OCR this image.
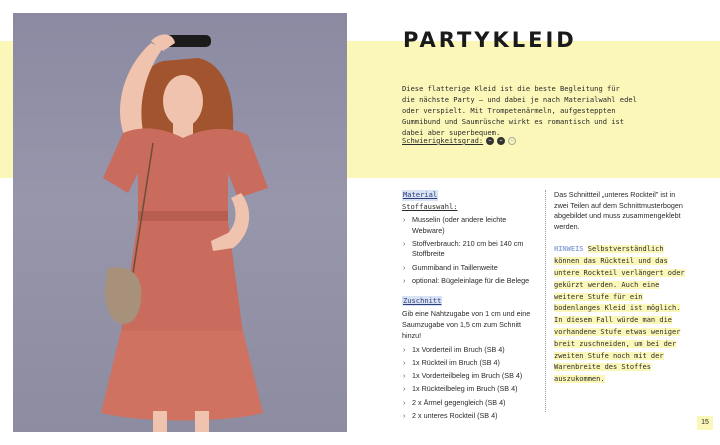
PARTYKLEID

Diese flatterige Kleid ist die beste Begleitung für
die nächste Party – und dabei je nach Materialwahl edel
oder verspielt. Mit Trompetenärmeln, aufgesteppten
Gummibund und Saumrüsche wirkt es romantisch und ist
dabei aber superbequem.

Schwierigkeitsgrad:	✂	✂	✂
Material
Stoffauswahl:
› Musselin (oder andere leichte Webware)
› Stoffverbrauch: 210 cm bei 140 cm Stoffbreite
› Gummiband in Taillenweite
› optional: Bügeleinlage für die Belege
Zuschnitt

Gib eine Nahtzugabe von 1 cm und eine Saumzugabe von 1,5 cm zum Schnitt hinzu!

› 1x Vorderteil im Bruch (SB 4)
› 1x Rückteil im Bruch (SB 4)
› 1x Vorderteilbeleg im Bruch (SB 4)
› 1x Rückteilbeleg im Bruch (SB 4)
› 2 x Ärmel gegengleich (SB 4)
› 2 x unteres Rockteil (SB 4)
Das Schnittteil „unteres Rockteil" ist in zwei Teilen auf dem Schnittmusterbogen abgebildet und muss zusammengeklebt werden.
HINWEIS Selbstverständlich können das Rückteil und das untere Rockteil verlängert oder gekürzt werden. Auch eine weitere Stufe für ein bodenlanges Kleid ist möglich. In diesem Fall würde man die vorhandene Stufe etwas weniger breit zuschneiden, um bei der zweiten Stufe noch mit der Warenbreite des Stoffes auszukommen.
15
